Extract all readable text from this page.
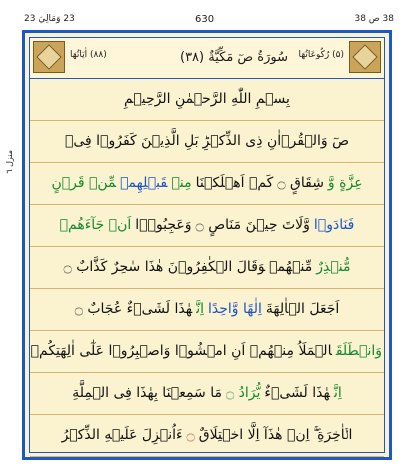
23 وَمَالِيَ 23	630	38 ص 38
(۸۸) اٰيَاتُهَا	سُورَةُ صٓ مَكِّيَّةٌ (۳۸) (۵) رُكُوعَاتُهَا
بِسۡمِ اللّٰهِ الرَّحۡمٰنِ الرَّحِيۡمِ
صٓ وَالۡقُرۡاٰنِ ذِى الذِّكۡرِؕبَلِ الَّذِيۡنَ كَفَرُوۡا فِىۡ
عِزَّةٍ وَّشِقَاقٍ ۝كَمۡ اَهۡلَكۡنَامِنۡقَبۡلِهِمۡمِّنۡ قَرۡنٍ
فَنَادَوۡاوَّلَاتَ حِيۡنَ مَنَاصٍ ۝وَعَجِبُوۡۤااَنۡ جَآءَهُمۡ
مُّنۡذِرٌمِّنۡهُمۡوَقَالَ الۡكٰفِرُوۡنَ هٰذَا سٰحِرٌ كَذَّابٌ ۝
اَجَعَلَ الۡاٰلِهَةَاِلٰهًا وَّاحِدًااِنَّهٰذَا لَشَىۡءٌ عُجَابٌ ۝
وَانۡطَلَقَالۡمَلَاُ مِنۡهُمۡ اَنِ امۡشُوۡا وَاصۡبِرُوۡا عَلٰٓى اٰلِهَتِكُمۡ
اِنَّهٰذَا لَشَىۡءٌيُّرَادُ ۝مَا سَمِعۡنَا بِهٰذَا فِى الۡمِلَّةِ
الۡاٰخِرَةِ ۚۖاِنۡ هٰذَآ اِلَّا اخۡتِلَاقٌ۝ءَاُنۡزِلَ عَلَيۡهِ الذِّكۡرُ
منزل ٦
